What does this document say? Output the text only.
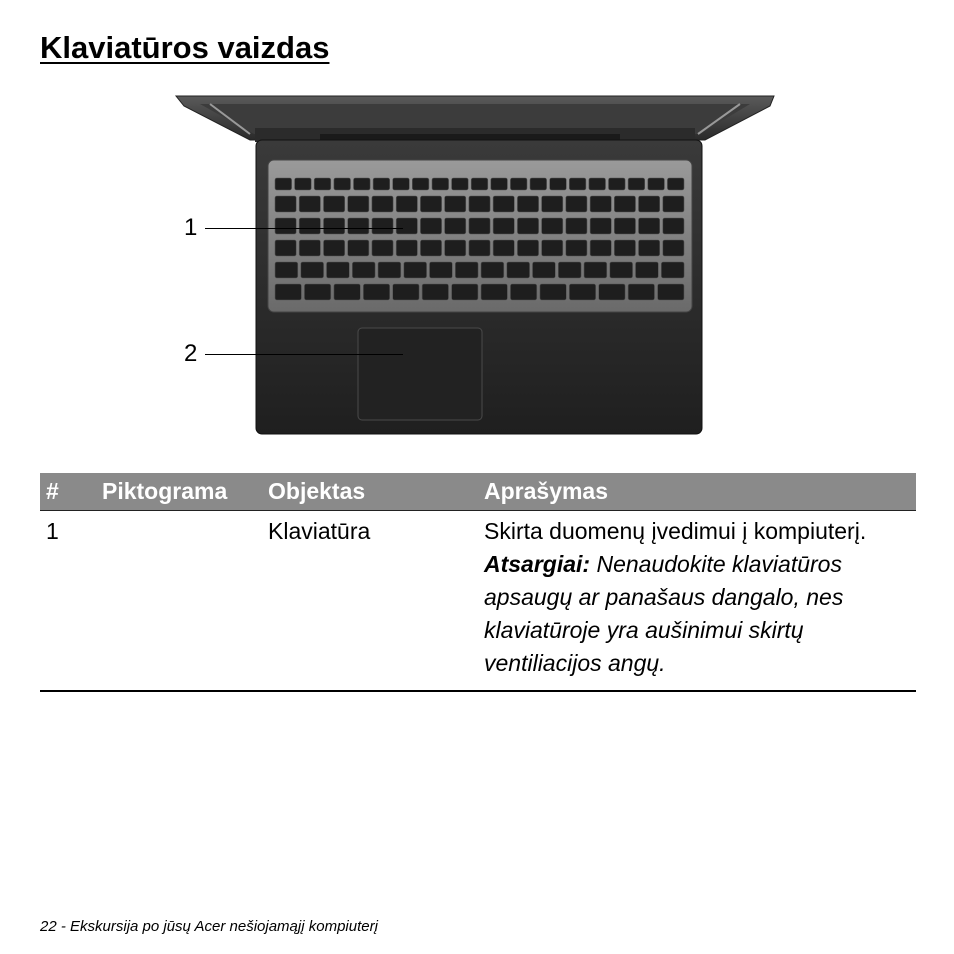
Klaviatūros vaizdas
1
2
#	Piktograma	Objektas	Aprašymas
1		Klaviatūra	Skirta duomenų įvedimui į kompiuterį.
Atsargiai: Nenaudokite klaviatūros apsaugų ar panašaus dangalo, nes klaviatūroje yra aušinimui skirtų ventiliacijos angų.
22 - Ekskursija po jūsų Acer nešiojamąjį kompiuterį
